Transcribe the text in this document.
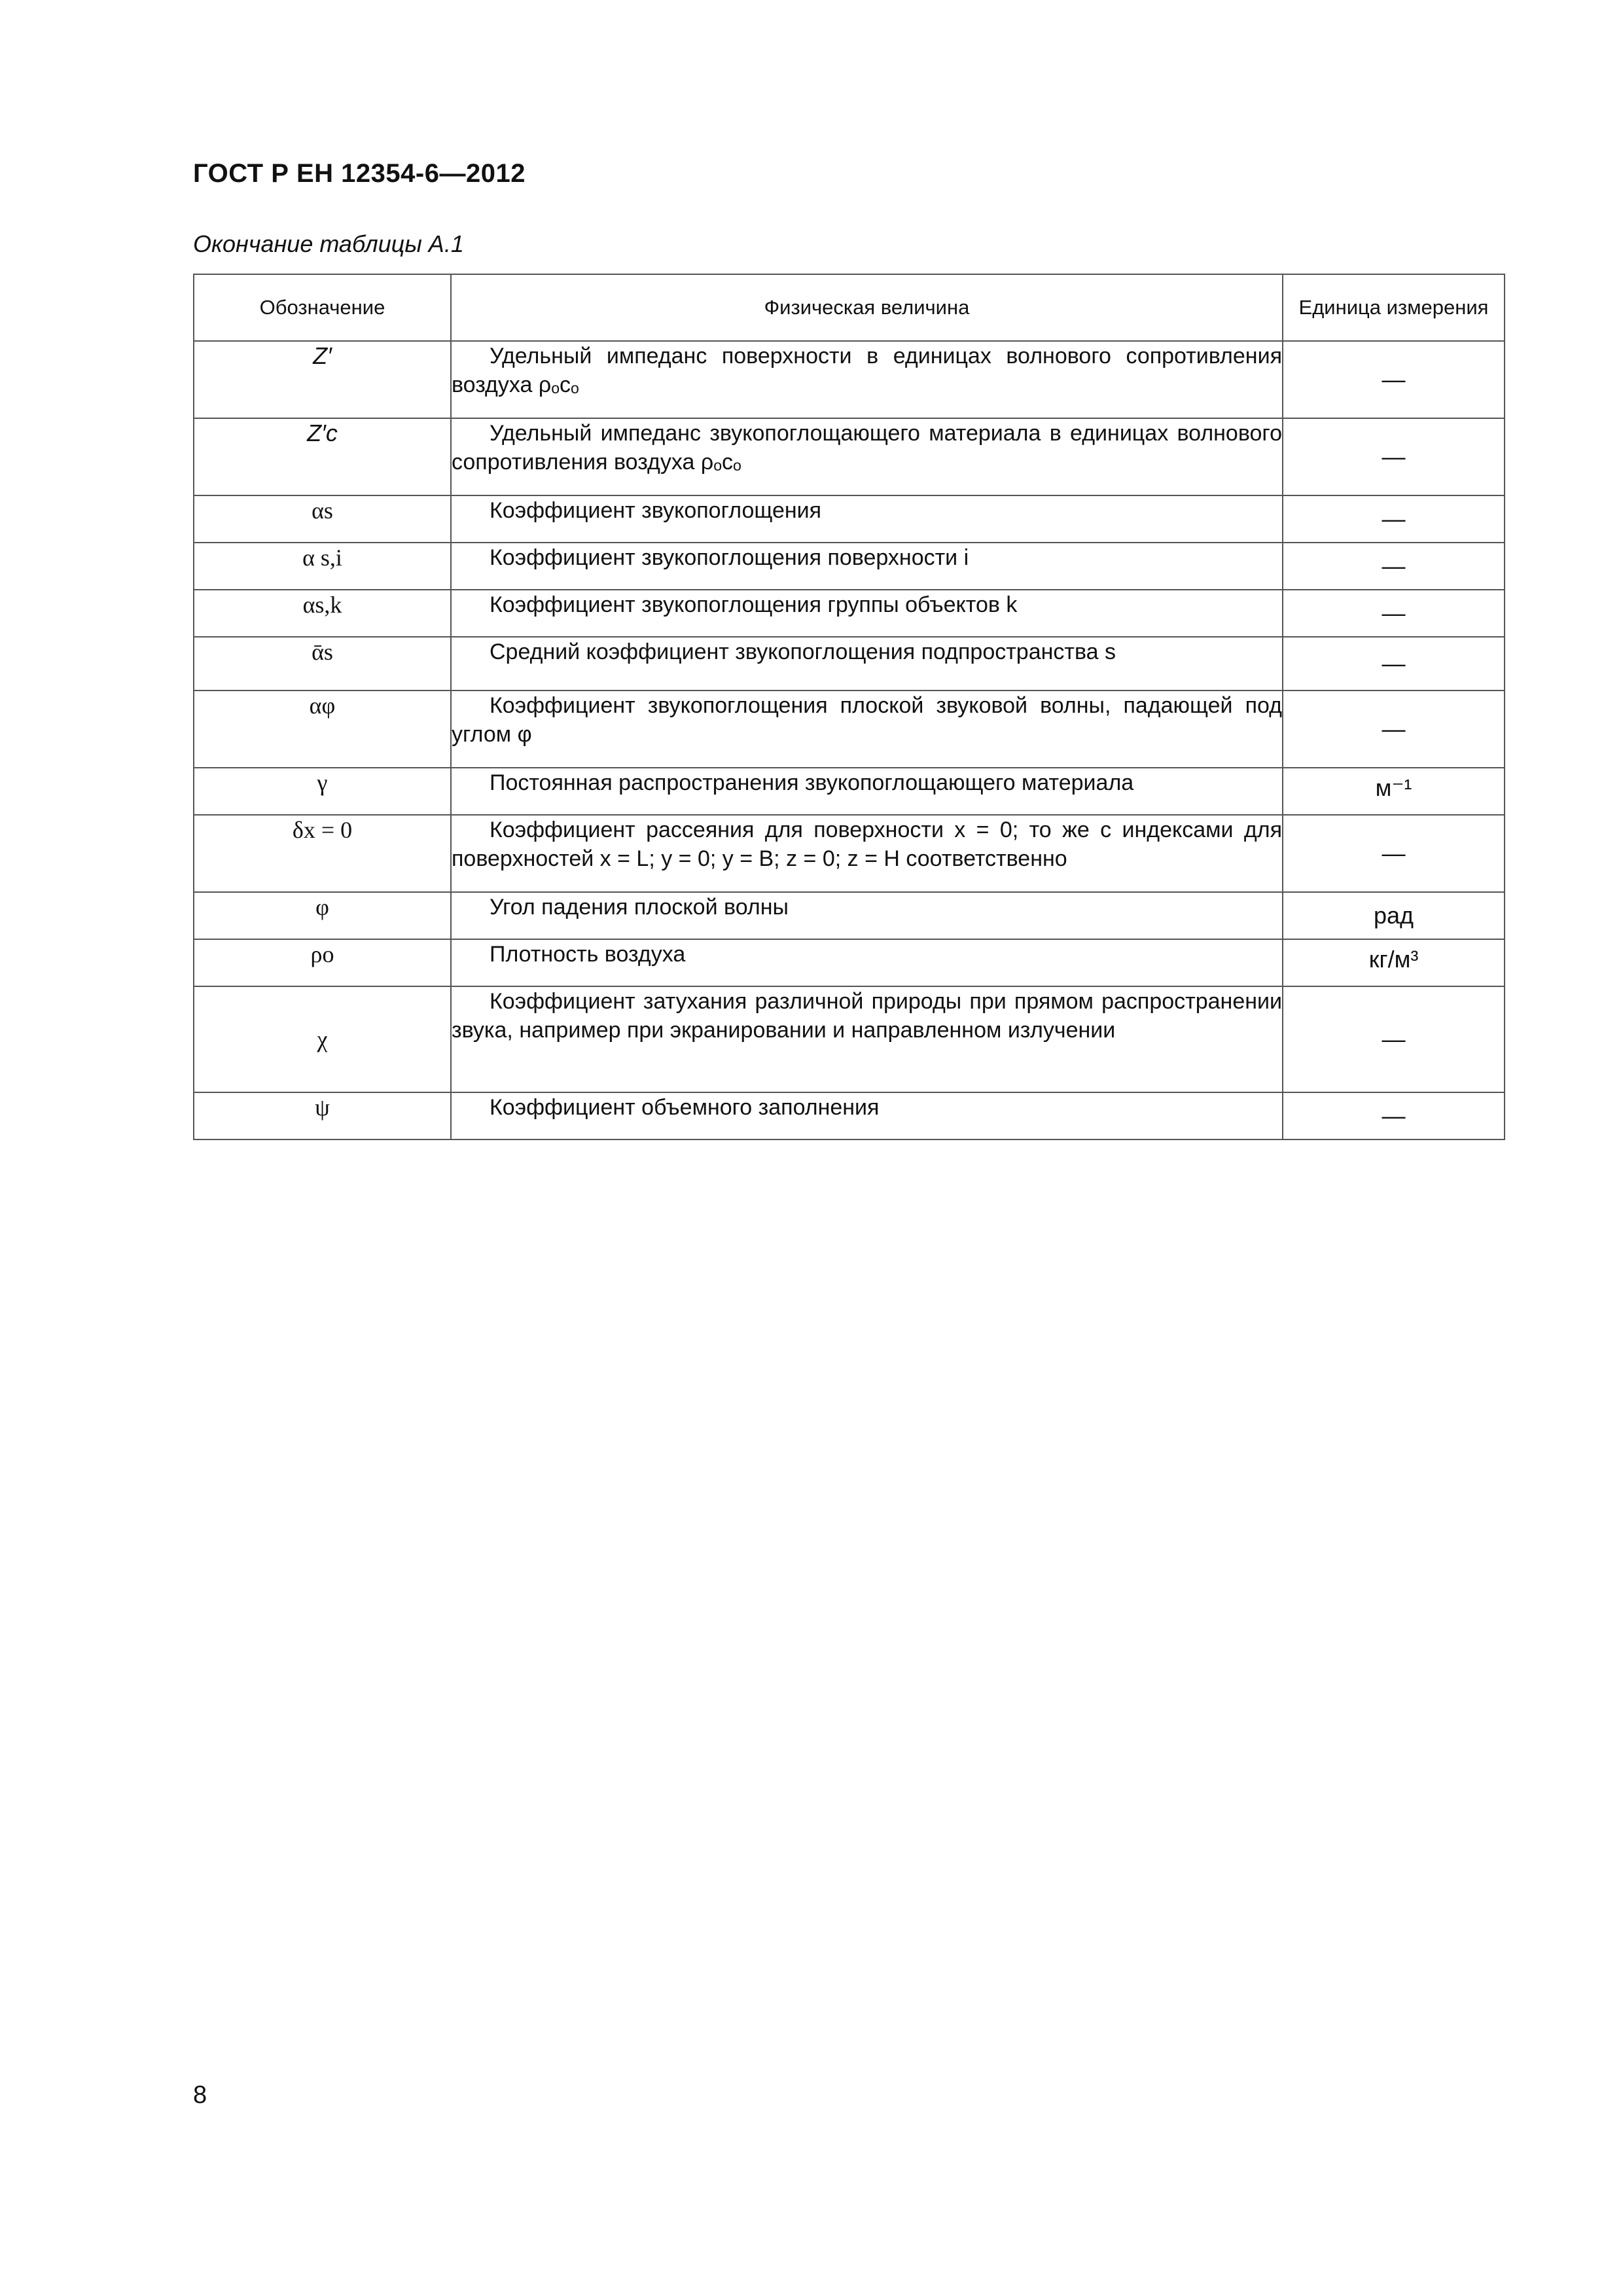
ГОСТ Р ЕН 12354-6—2012
Окончание таблицы А.1
Обозначение	Физическая величина	Единица измерения
Z′	Удельный импеданс поверхности в единицах волнового сопротивления воздуха ρₒcₒ	—
Z′c	Удельный импеданс звукопоглощающего материала в единицах волнового сопротивления воздуха ρₒcₒ	—
αs	Коэффициент звукопоглощения	—
α s,i	Коэффициент звукопоглощения поверхности i	—
αs,k	Коэффициент звукопоглощения группы объектов k	—
ᾱs	Средний коэффициент звукопоглощения подпространства s	—
αφ	Коэффициент звукопоглощения плоской звуковой волны, падающей под углом φ	—
γ	Постоянная распространения звукопоглощающего материала	м⁻¹
δx = 0	Коэффициент рассеяния для поверхности x = 0; то же с индексами для поверхностей x = L; y = 0; y = B; z = 0; z = H соответственно	—
φ	Угол падения плоской волны	рад
ρo	Плотность воздуха	кг/м³
χ	Коэффициент затухания различной природы при прямом распространении звука, например при экранировании и направленном излучении	—
ψ	Коэффициент объемного заполнения	—
8
